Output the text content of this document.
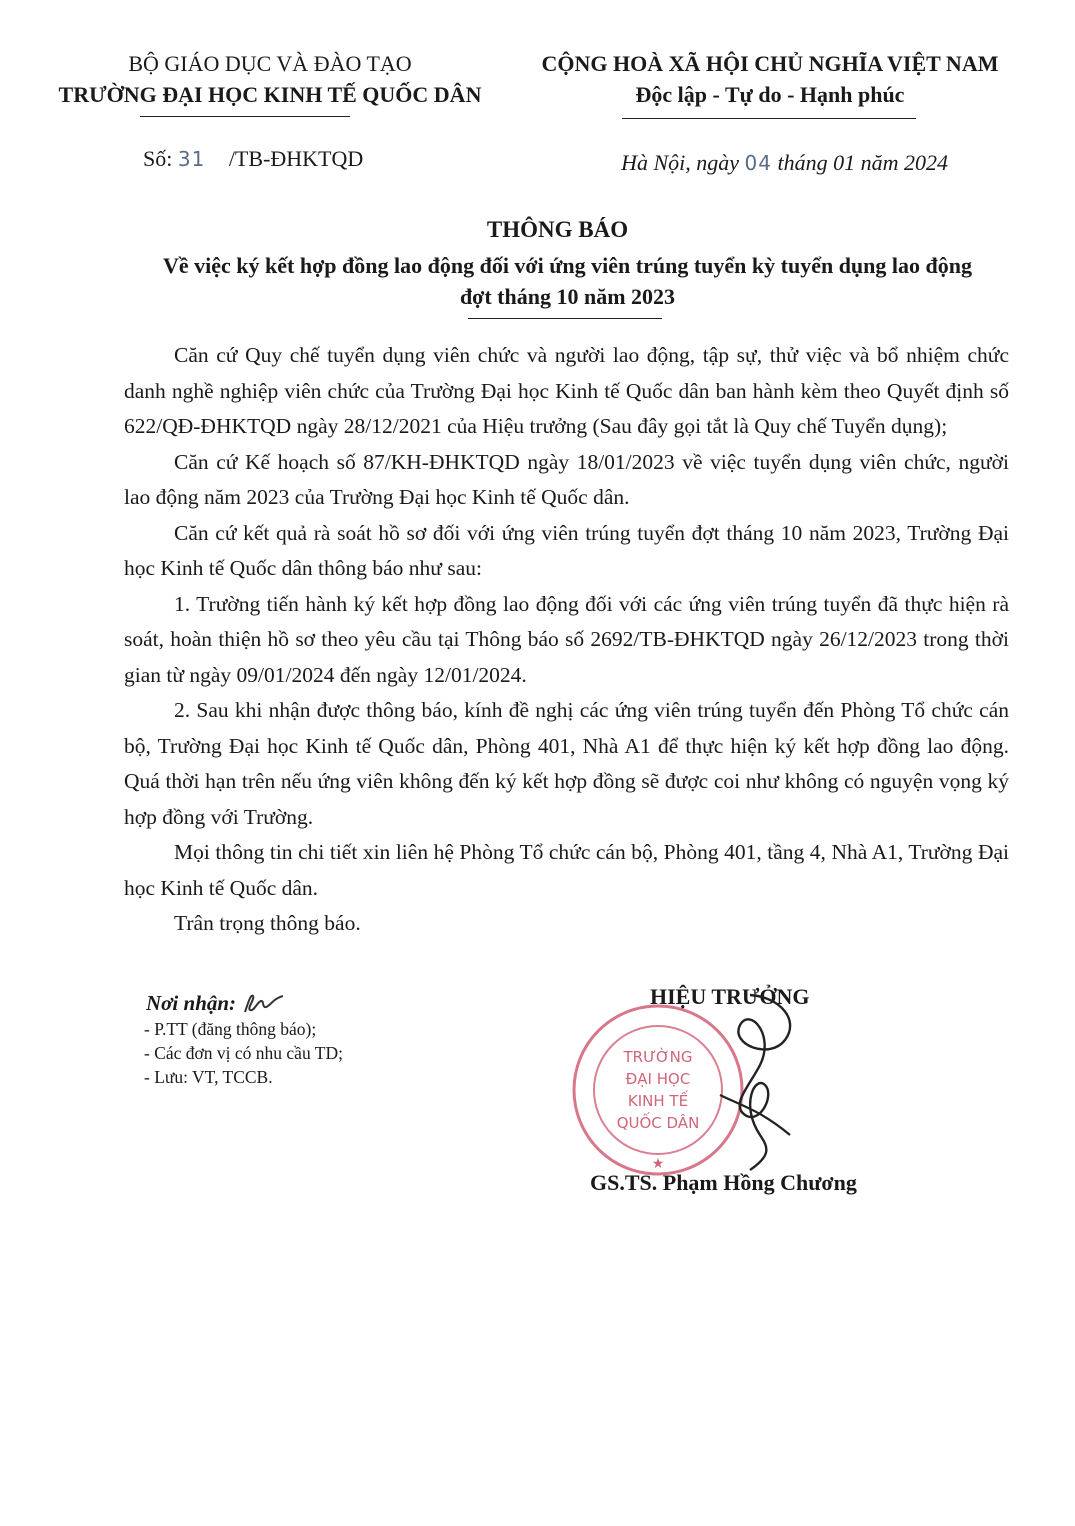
BỘ GIÁO DỤC VÀ ĐÀO TẠO
TRƯỜNG ĐẠI HỌC KINH TẾ QUỐC DÂN
CỘNG HOÀ XÃ HỘI CHỦ NGHĨA VIỆT NAM
Độc lập - Tự do - Hạnh phúc
Số: 31 /TB-ĐHKTQD	Hà Nội, ngày 04 tháng 01 năm 2024
THÔNG BÁO
Về việc ký kết hợp đồng lao động đối với ứng viên trúng tuyển kỳ tuyển dụng lao động
đợt tháng 10 năm 2023

Căn cứ Quy chế tuyển dụng viên chức và người lao động, tập sự, thử việc và bổ nhiệm chức danh nghề nghiệp viên chức của Trường Đại học Kinh tế Quốc dân ban hành kèm theo Quyết định số 622/QĐ-ĐHKTQD ngày 28/12/2021 của Hiệu trưởng (Sau đây gọi tắt là Quy chế Tuyển dụng);

Căn cứ Kế hoạch số 87/KH-ĐHKTQD ngày 18/01/2023 về việc tuyển dụng viên chức, người lao động năm 2023 của Trường Đại học Kinh tế Quốc dân.

Căn cứ kết quả rà soát hồ sơ đối với ứng viên trúng tuyển đợt tháng 10 năm 2023, Trường Đại học Kinh tế Quốc dân thông báo như sau:

1. Trường tiến hành ký kết hợp đồng lao động đối với các ứng viên trúng tuyển đã thực hiện rà soát, hoàn thiện hồ sơ theo yêu cầu tại Thông báo số 2692/TB-ĐHKTQD ngày 26/12/2023 trong thời gian từ ngày 09/01/2024 đến ngày 12/01/2024.

2. Sau khi nhận được thông báo, kính đề nghị các ứng viên trúng tuyển đến Phòng Tổ chức cán bộ, Trường Đại học Kinh tế Quốc dân, Phòng 401, Nhà A1 để thực hiện ký kết hợp đồng lao động. Quá thời hạn trên nếu ứng viên không đến ký kết hợp đồng sẽ được coi như không có nguyện vọng ký hợp đồng với Trường.

Mọi thông tin chi tiết xin liên hệ Phòng Tổ chức cán bộ, Phòng 401, tầng 4, Nhà A1, Trường Đại học Kinh tế Quốc dân.

Trân trọng thông báo.

Nơi nhận:
- P.TT (đăng thông báo);
- Các đơn vị có nhu cầu TD;
- Lưu: VT, TCCB.
TRƯỜNG
ĐẠI HỌC
KINH TẾ
QUỐC DÂN
★
HIỆU TRƯỞNG
GS.TS. Phạm Hồng Chương
